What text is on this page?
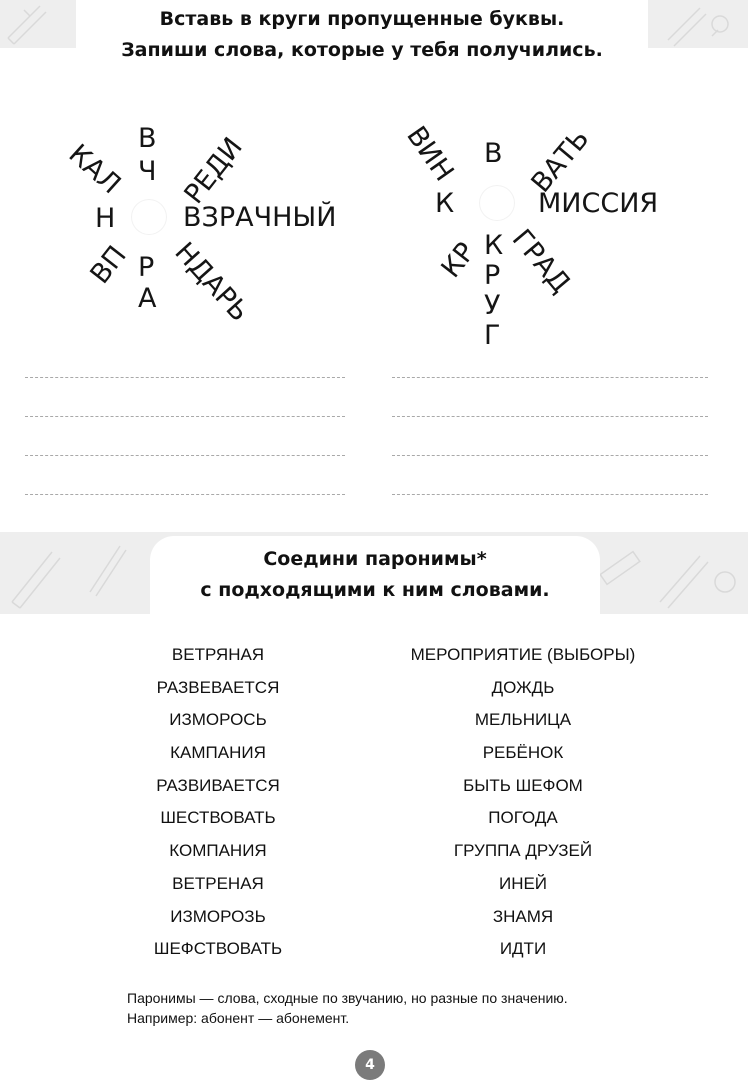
Вставь в круги пропущенные буквы.
Запиши слова, которые у тебя получились.
В
Ч РЕДИ
ВЗРАЧНЫЙ
НДАРЬ
Р
А
ВП
Н
КАЛ	В ВАТЬ
МИССИЯ
ГРАД
К
Р
У
Г
КР
К
ВИН
Соедини паронимы*
с подходящими к ним словами.
ВЕТРЯНАЯ
РАЗВЕВАЕТСЯ
ИЗМОРОСЬ
КАМПАНИЯ
РАЗВИВАЕТСЯ
ШЕСТВОВАТЬ
КОМПАНИЯ
ВЕТРЕНАЯ
ИЗМОРОЗЬ
ШЕФСТВОВАТЬ
МЕРОПРИЯТИЕ (ВЫБОРЫ)
ДОЖДЬ
МЕЛЬНИЦА
РЕБЁНОК
БЫТЬ ШЕФОМ
ПОГОДА
ГРУППА ДРУЗЕЙ
ИНЕЙ
ЗНАМЯ
ИДТИ
Паронимы — слова, сходные по звучанию, но разные по значению.
Например: абонент — абонемент.
4
